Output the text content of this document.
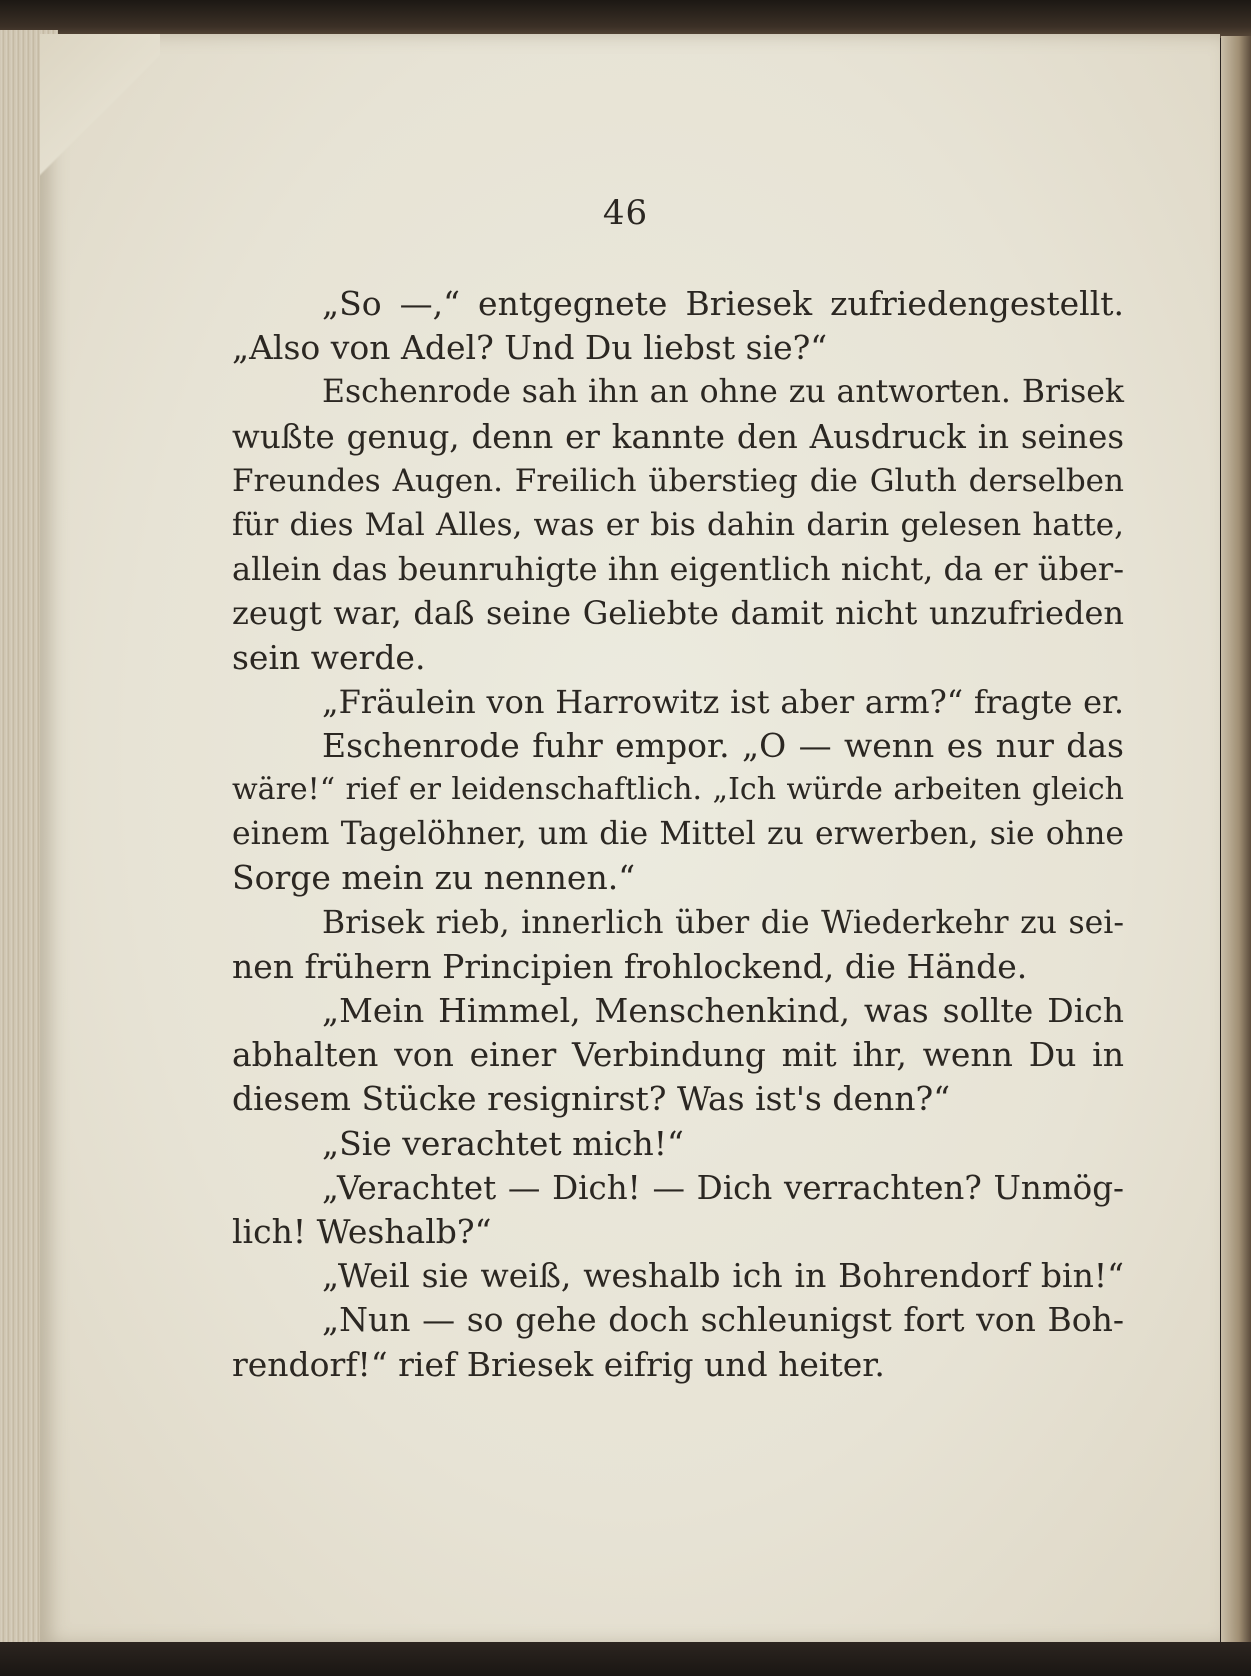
46
„So —,“ entgegnete Briesek zufriedengestellt.
„Also von Adel? Und Du liebst sie?“
Eschenrode sah ihn an ohne zu antworten. Brisek
wußte genug, denn er kannte den Ausdruck in seines
Freundes Augen. Freilich überstieg die Gluth derselben
für dies Mal Alles, was er bis dahin darin gelesen hatte,
allein das beunruhigte ihn eigentlich nicht, da er über-
zeugt war, daß seine Geliebte damit nicht unzufrieden
sein werde.
„Fräulein von Harrowitz ist aber arm?“ fragte er.
Eschenrode fuhr empor. „O — wenn es nur das
wäre!“ rief er leidenschaftlich. „Ich würde arbeiten gleich
einem Tagelöhner, um die Mittel zu erwerben, sie ohne
Sorge mein zu nennen.“
Brisek rieb, innerlich über die Wiederkehr zu sei-
nen frühern Principien frohlockend, die Hände.
„Mein Himmel, Menschenkind, was sollte Dich
abhalten von einer Verbindung mit ihr, wenn Du in
diesem Stücke resignirst? Was ist's denn?“
„Sie verachtet mich!“
„Verachtet — Dich! — Dich verrachten? Unmög-
lich! Weshalb?“
„Weil sie weiß, weshalb ich in Bohrendorf bin!“
„Nun — so gehe doch schleunigst fort von Boh-
rendorf!“ rief Briesek eifrig und heiter.
